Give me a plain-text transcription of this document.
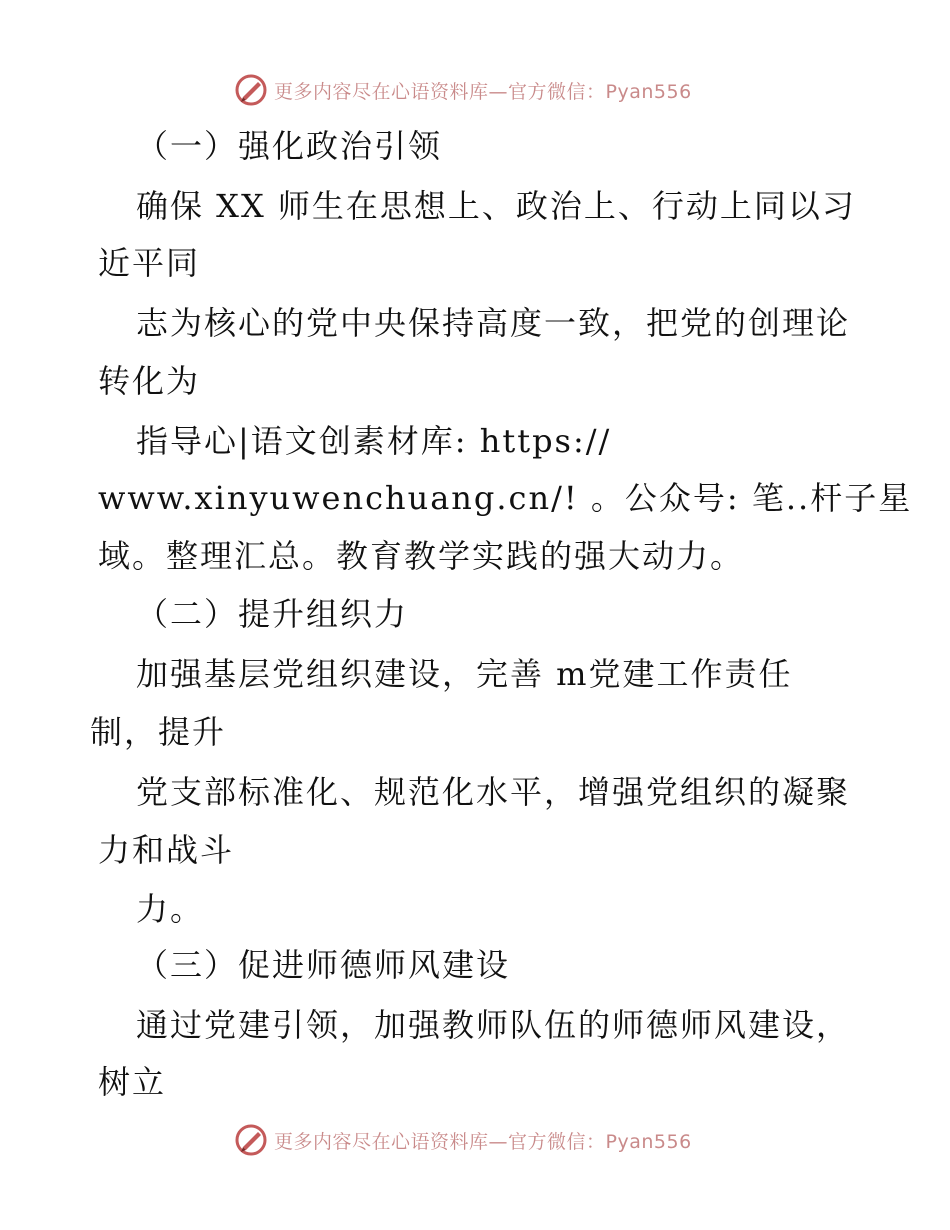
更多内容尽在心语资料库—官方微信：Pyan556
（一）强化政治引领
确保 XX 师生在思想上、政治上、行动上同以习
近平同
志为核心的党中央保持高度一致，把党的创理论
转化为
指导心|语文创素材库: https://
www.xinyuwenchuang.cn/! 。公众号: 笔..杆子星
域。整理汇总。教育教学实践的强大动力。
（二）提升组织力
加强基层党组织建设，完善 m党建工作责任
制，提升
党支部标准化、规范化水平，增强党组织的凝聚
力和战斗
力。
（三）促进师德师风建设
通过党建引领，加强教师队伍的师德师风建设，
树立
更多内容尽在心语资料库—官方微信：Pyan556
